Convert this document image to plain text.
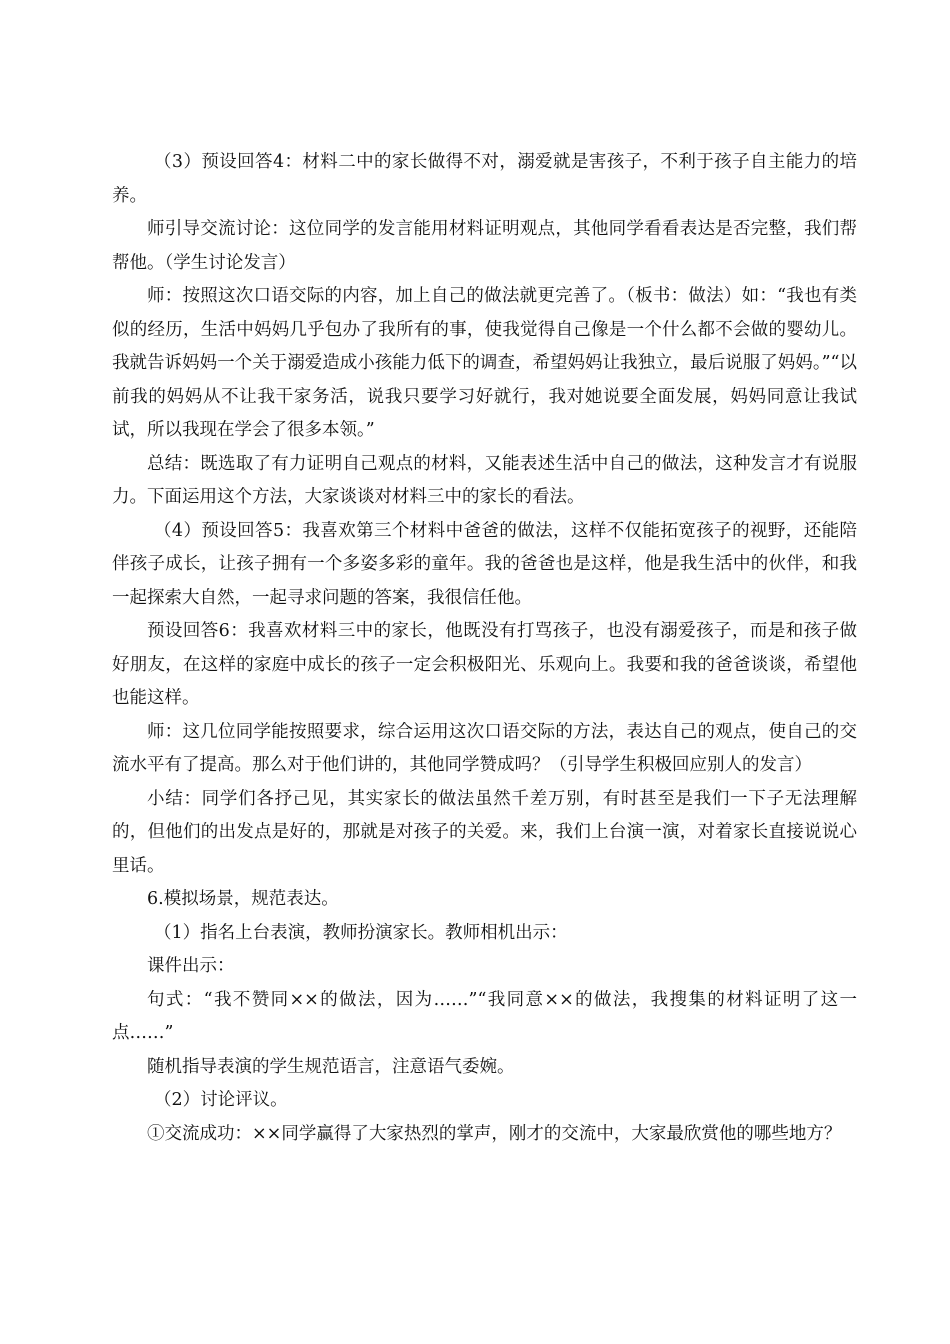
（3）预设回答4：材料二中的家长做得不对，溺爱就是害孩子，不利于孩子自主能力的培养。

师引导交流讨论：这位同学的发言能用材料证明观点，其他同学看看表达是否完整，我们帮帮他。（学生讨论发言）

师：按照这次口语交际的内容，加上自己的做法就更完善了。（板书：做法）如：“我也有类似的经历，生活中妈妈几乎包办了我所有的事，使我觉得自己像是一个什么都不会做的婴幼儿。我就告诉妈妈一个关于溺爱造成小孩能力低下的调查，希望妈妈让我独立，最后说服了妈妈。”“以前我的妈妈从不让我干家务活，说我只要学习好就行，我对她说要全面发展，妈妈同意让我试试，所以我现在学会了很多本领。”

总结：既选取了有力证明自己观点的材料，又能表述生活中自己的做法，这种发言才有说服力。下面运用这个方法，大家谈谈对材料三中的家长的看法。

（4）预设回答5：我喜欢第三个材料中爸爸的做法，这样不仅能拓宽孩子的视野，还能陪伴孩子成长，让孩子拥有一个多姿多彩的童年。我的爸爸也是这样，他是我生活中的伙伴，和我一起探索大自然，一起寻求问题的答案，我很信任他。

预设回答6：我喜欢材料三中的家长，他既没有打骂孩子，也没有溺爱孩子，而是和孩子做好朋友，在这样的家庭中成长的孩子一定会积极阳光、乐观向上。我要和我的爸爸谈谈，希望他也能这样。

师：这几位同学能按照要求，综合运用这次口语交际的方法，表达自己的观点，使自己的交流水平有了提高。那么对于他们讲的，其他同学赞成吗？（引导学生积极回应别人的发言）

小结：同学们各抒己见，其实家长的做法虽然千差万别，有时甚至是我们一下子无法理解的，但他们的出发点是好的，那就是对孩子的关爱。来，我们上台演一演，对着家长直接说说心里话。

6.模拟场景，规范表达。

（1）指名上台表演，教师扮演家长。教师相机出示：

课件出示：

句式：“我不赞同××的做法，因为……”“我同意××的做法，我搜集的材料证明了这一点……”

随机指导表演的学生规范语言，注意语气委婉。

（2）讨论评议。

①交流成功：××同学赢得了大家热烈的掌声，刚才的交流中，大家最欣赏他的哪些地方？
